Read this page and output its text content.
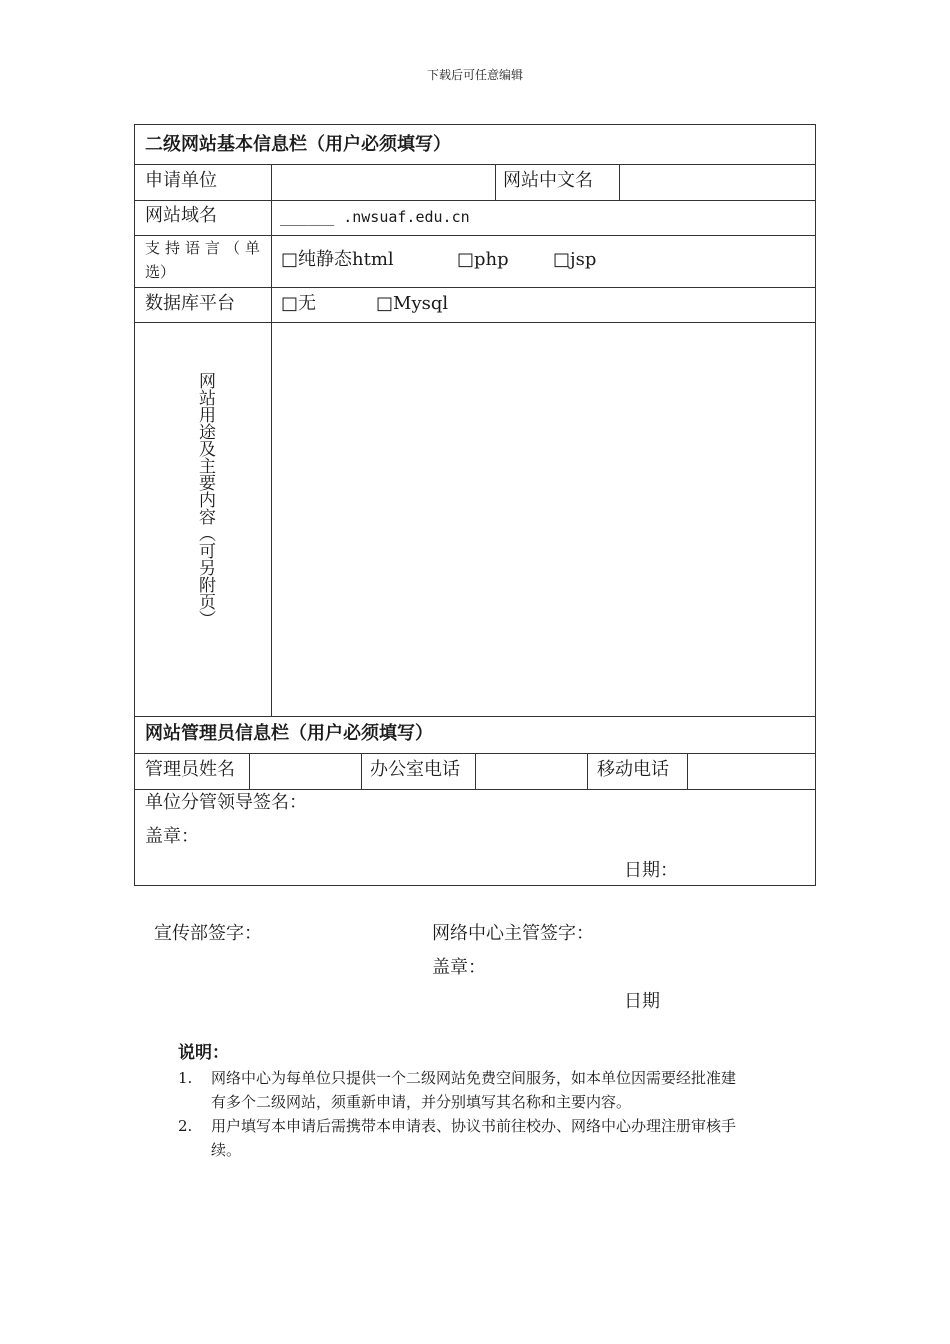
下载后可任意编辑
二级网站基本信息栏（用户必须填写）
申请单位	网站中文名
网站域名	______ .nwsuaf.edu.cn
支持语言（单
选）
□纯静态html	□php □jsp
数据库平台	□无	□Mysql
网站用途及主要内容（可另附页）
网站管理员信息栏（用户必须填写）
管理员姓名	办公室电话	移动电话
单位分管领导签名：
盖章：
日期：
宣传部签字：	网络中心主管签字：
盖章：
日期
说明：
1. 网络中心为每单位只提供一个二级网站免费空间服务，如本单位因需要经批准建
有多个二级网站，须重新申请，并分别填写其名称和主要内容。
2. 用户填写本申请后需携带本申请表、协议书前往校办、网络中心办理注册审核手
续。
